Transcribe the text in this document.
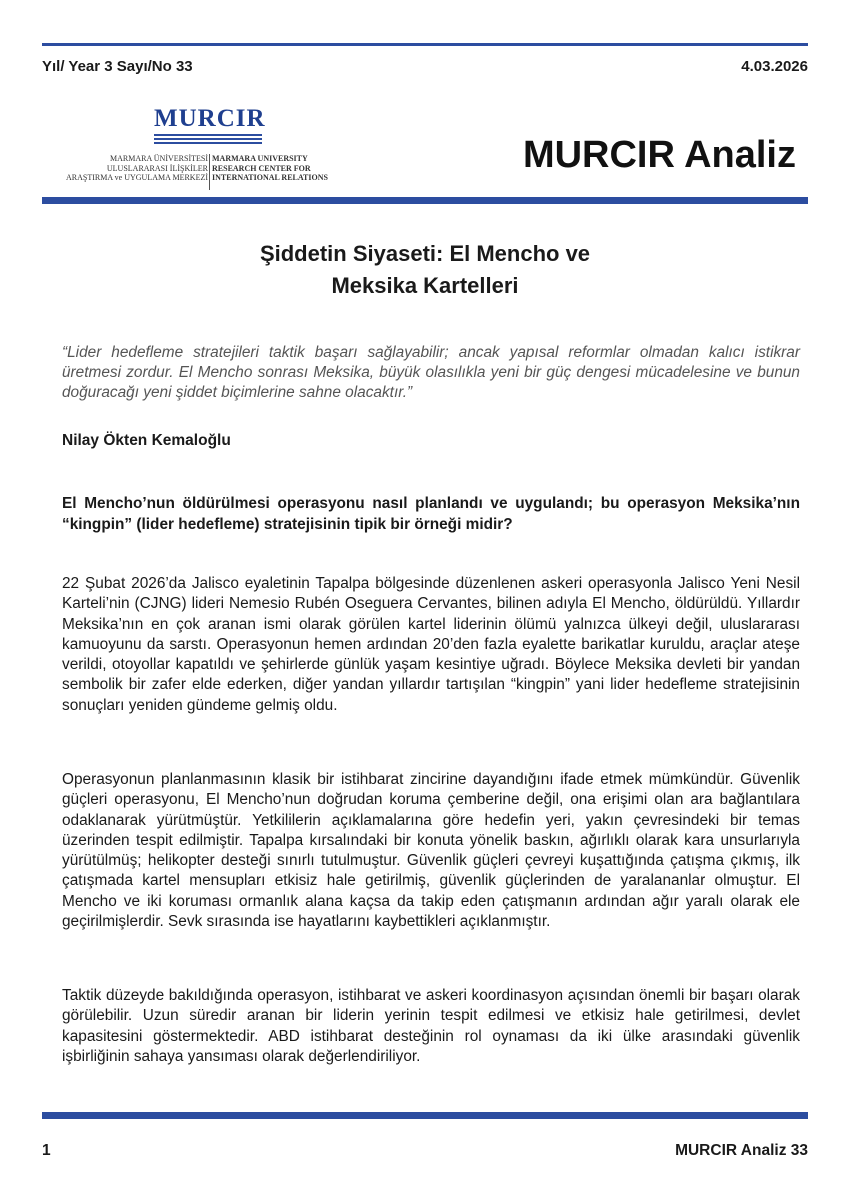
Yıl/ Year 3 Sayı/No 33	4.03.2026
MURCIR
MARMARA ÜNİVERSİTESİ
ULUSLARARASI İLİŞKİLER
ARAŞTIRMA ve UYGULAMA MERKEZİ
MARMARA UNIVERSITY
RESEARCH CENTER FOR
INTERNATIONAL RELATIONS
MURCIR Analiz
Şiddetin Siyaseti: El Mencho ve
Meksika Kartelleri
“Lider hedefleme stratejileri taktik başarı sağlayabilir; ancak yapısal reformlar olmadan kalıcı istikrar üretmesi zordur. El Mencho sonrası Meksika, büyük olasılıkla yeni bir güç dengesi mücadelesine ve bunun doğuracağı yeni şiddet biçimlerine sahne olacaktır.”
Nilay Ökten Kemaloğlu
El Mencho’nun öldürülmesi operasyonu nasıl planlandı ve uygulandı; bu operasyon Meksika’nın “kingpin” (lider hedefleme) stratejisinin tipik bir örneği midir?
22 Şubat 2026’da Jalisco eyaletinin Tapalpa bölgesinde düzenlenen askeri operasyonla Jalisco Yeni Nesil Karteli’nin (CJNG) lideri Nemesio Rubén Oseguera Cervantes, bilinen adıyla El Mencho, öldürüldü. Yıllardır Meksika’nın en çok aranan ismi olarak görülen kartel liderinin ölümü yalnızca ülkeyi değil, uluslararası kamuoyunu da sarstı. Operasyonun hemen ardından 20’den fazla eyalette barikatlar kuruldu, araçlar ateşe verildi, otoyollar kapatıldı ve şehirlerde günlük yaşam kesintiye uğradı. Böylece Meksika devleti bir yandan sembolik bir zafer elde ederken, diğer yandan yıllardır tartışılan “kingpin” yani lider hedefleme stratejisinin sonuçları yeniden gündeme gelmiş oldu.
Operasyonun planlanmasının klasik bir istihbarat zincirine dayandığını ifade etmek mümkündür. Güvenlik güçleri operasyonu, El Mencho’nun doğrudan koruma çemberine değil, ona erişimi olan ara bağlantılara odaklanarak yürütmüştür. Yetkililerin açıklamalarına göre hedefin yeri, yakın çevresindeki bir temas üzerinden tespit edilmiştir. Tapalpa kırsalındaki bir konuta yönelik baskın, ağırlıklı olarak kara unsurlarıyla yürütülmüş; helikopter desteği sınırlı tutulmuştur. Güvenlik güçleri çevreyi kuşattığında çatışma çıkmış, ilk çatışmada kartel mensupları etkisiz hale getirilmiş, güvenlik güçlerinden de yaralananlar olmuştur. El Mencho ve iki koruması ormanlık alana kaçsa da takip eden çatışmanın ardından ağır yaralı olarak ele geçirilmişlerdir. Sevk sırasında ise hayatlarını kaybettikleri açıklanmıştır.
Taktik düzeyde bakıldığında operasyon, istihbarat ve askeri koordinasyon açısından önemli bir başarı olarak görülebilir. Uzun süredir aranan bir liderin yerinin tespit edilmesi ve etkisiz hale getirilmesi, devlet kapasitesini göstermektedir. ABD istihbarat desteğinin rol oynaması da iki ülke arasındaki güvenlik işbirliğinin sahaya yansıması olarak değerlendiriliyor.
1	MURCIR Analiz 33
